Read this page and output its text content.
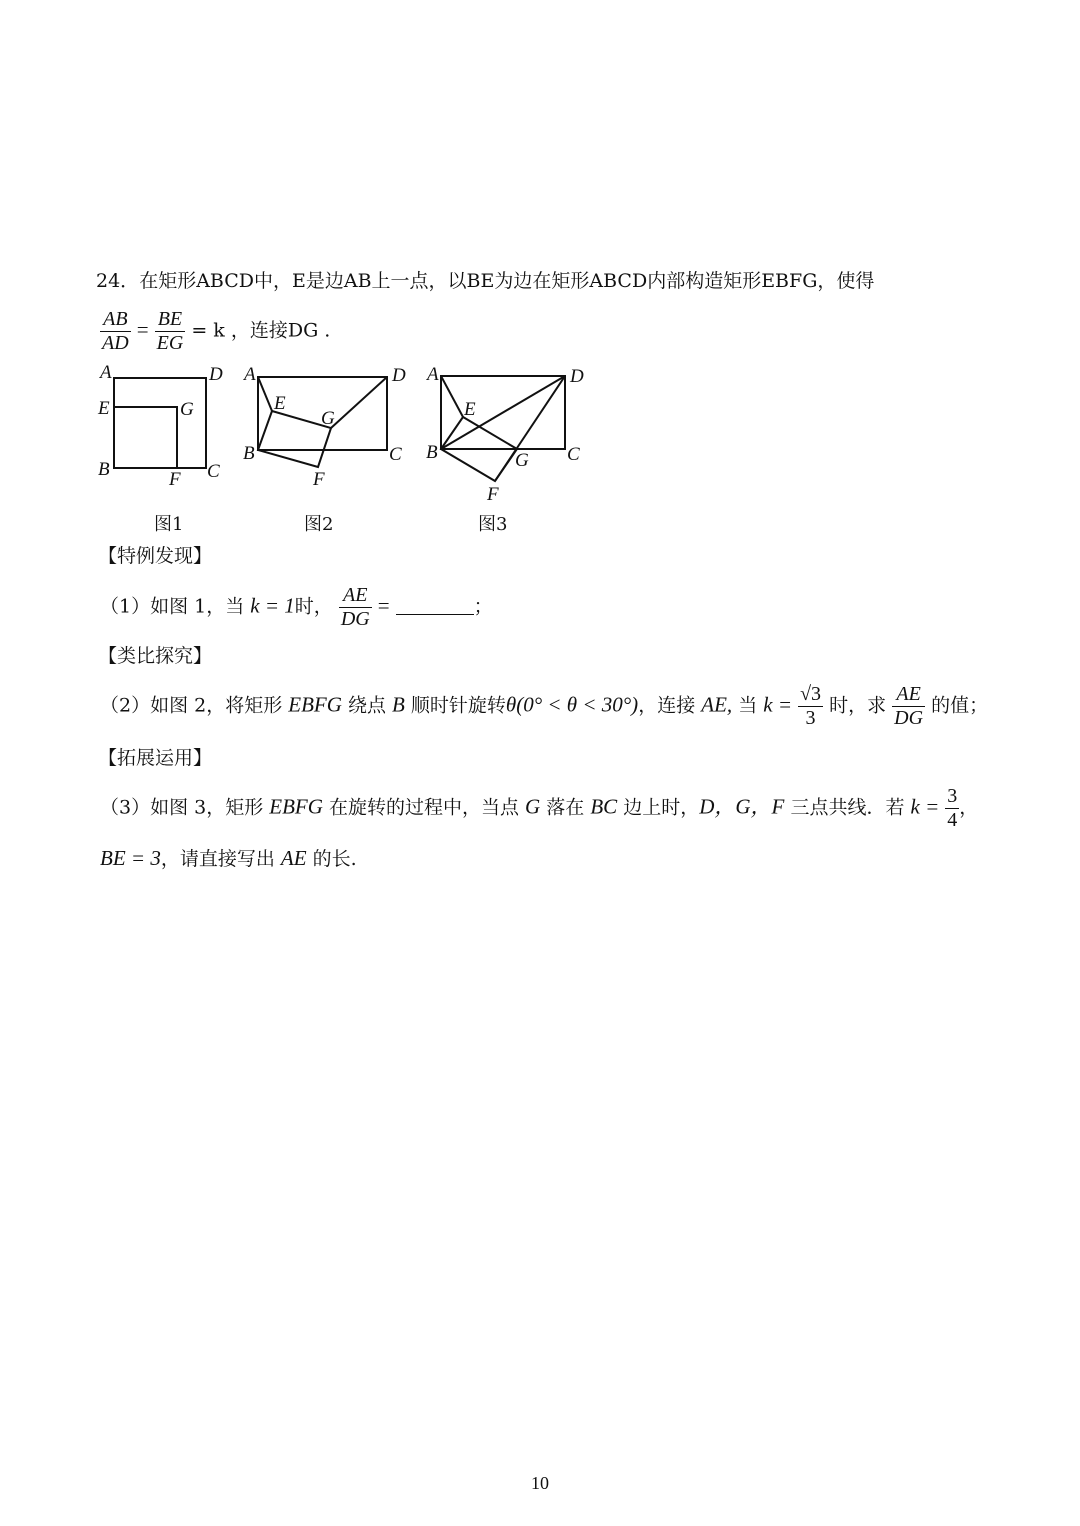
24．在矩形ABCD中，E是边AB上一点，以BE为边在矩形ABCD内部构造矩形EBFG，使得
$\frac{AB}{AD} = \frac{BE}{EG} = k$ ，连接DG .
A	D
E	G
B	F C
A	D
E
G
B	C
F
A	D
E
B	G C
F
图1	图2	图3
【特例发现】
（1）如图 1，当 k = 1时， $\frac{AE}{DG}$ =	；
【类比探究】
（2）如图 2，将矩形 EBFG 绕点 B 顺时针旋转θ(0° < θ < 30°)，连接 AE, 当 $k = \frac{√3}{3}$ 时，求 $\frac{AE}{DG}$ 的值；
【拓展运用】
（3）如图 3，矩形 EBFG 在旋转的过程中，当点 G 落在 BC 边上时，D，G，F 三点共线．若 $k = \frac{3}{4}$ ，
BE = 3，请直接写出 AE 的长.
10
